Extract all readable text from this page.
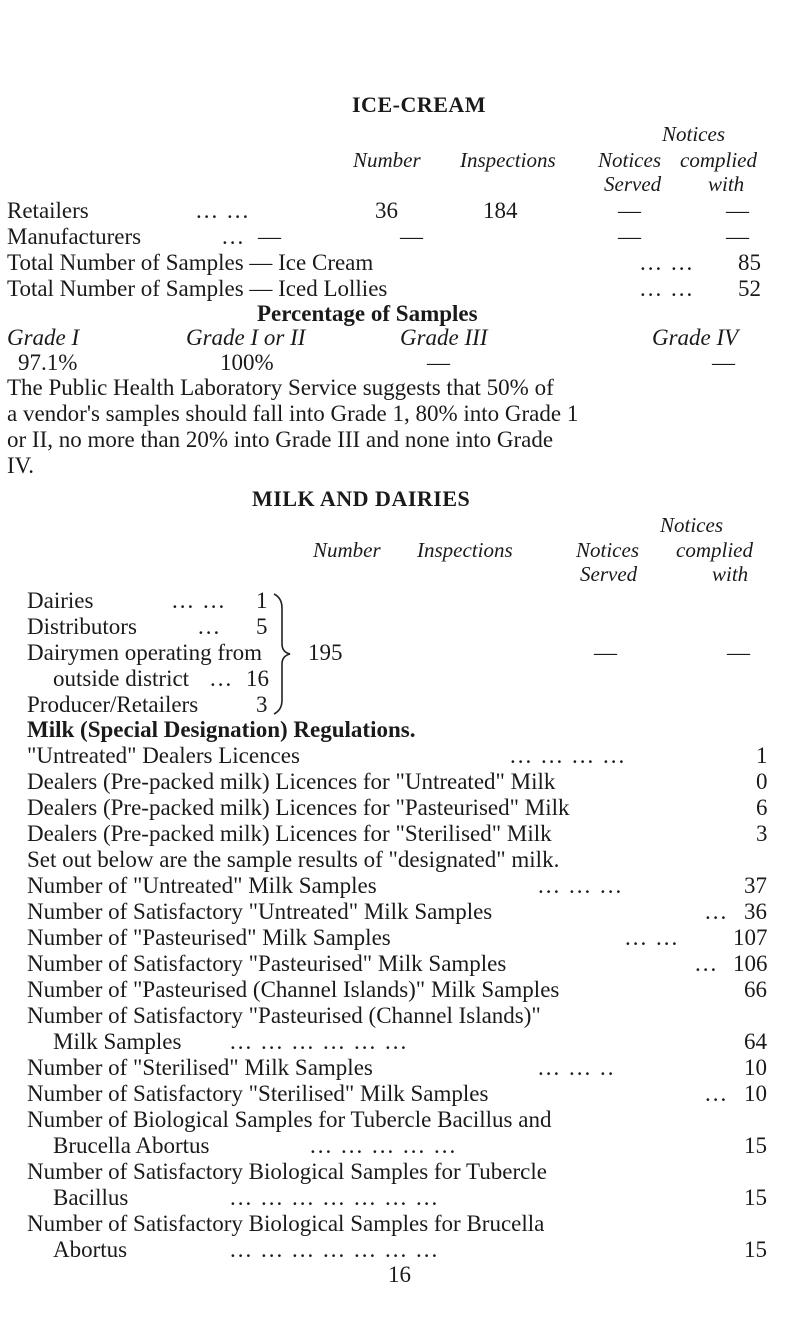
ICE-CREAM
Notices
Number Inspections Notices complied
Served with
Retailers	... ...	36	184	—	—
Manufacturers	... —	—	—	—
Total Number of Samples — Ice Cream	... ... 85
Total Number of Samples — Iced Lollies	... ... 52
Percentage of Samples
Grade I	Grade I or II	Grade III	Grade IV
97.1%	100%	—	—
The Public Health Laboratory Service suggests that 50% of
a vendor's samples should fall into Grade 1, 80% into Grade 1
or II, no more than 20% into Grade III and none into Grade
IV.
MILK AND DAIRIES
Notices
Number Inspections	Notices complied
Served	with
Dairies	... ... 1
Distributors	... 5
Dairymen operating from
outside district ... 16
Producer/Retailers	3
195	—	—
Milk (Special Designation) Regulations.
"Untreated" Dealers Licences	... ... ... ...	1
Dealers (Pre-packed milk) Licences for "Untreated" Milk	0
Dealers (Pre-packed milk) Licences for "Pasteurised" Milk	6
Dealers (Pre-packed milk) Licences for "Sterilised" Milk	3
Set out below are the sample results of "designated" milk.
Number of "Untreated" Milk Samples	... ... ...	37
Number of Satisfactory "Untreated" Milk Samples	... 36
Number of "Pasteurised" Milk Samples	... ... 107
Number of Satisfactory "Pasteurised" Milk Samples	... 106
Number of "Pasteurised (Channel Islands)" Milk Samples	66
Number of Satisfactory "Pasteurised (Channel Islands)"
Milk Samples ... ... ... ... ... ...	64
Number of "Sterilised" Milk Samples	... ... ..	10
Number of Satisfactory "Sterilised" Milk Samples	... 10
Number of Biological Samples for Tubercle Bacillus and
Brucella Abortus	... ... ... ... ...	15
Number of Satisfactory Biological Samples for Tubercle
Bacillus	... ... ... ... ... ... ...	15
Number of Satisfactory Biological Samples for Brucella
Abortus	... ... ... ... ... ... ...	15
16
